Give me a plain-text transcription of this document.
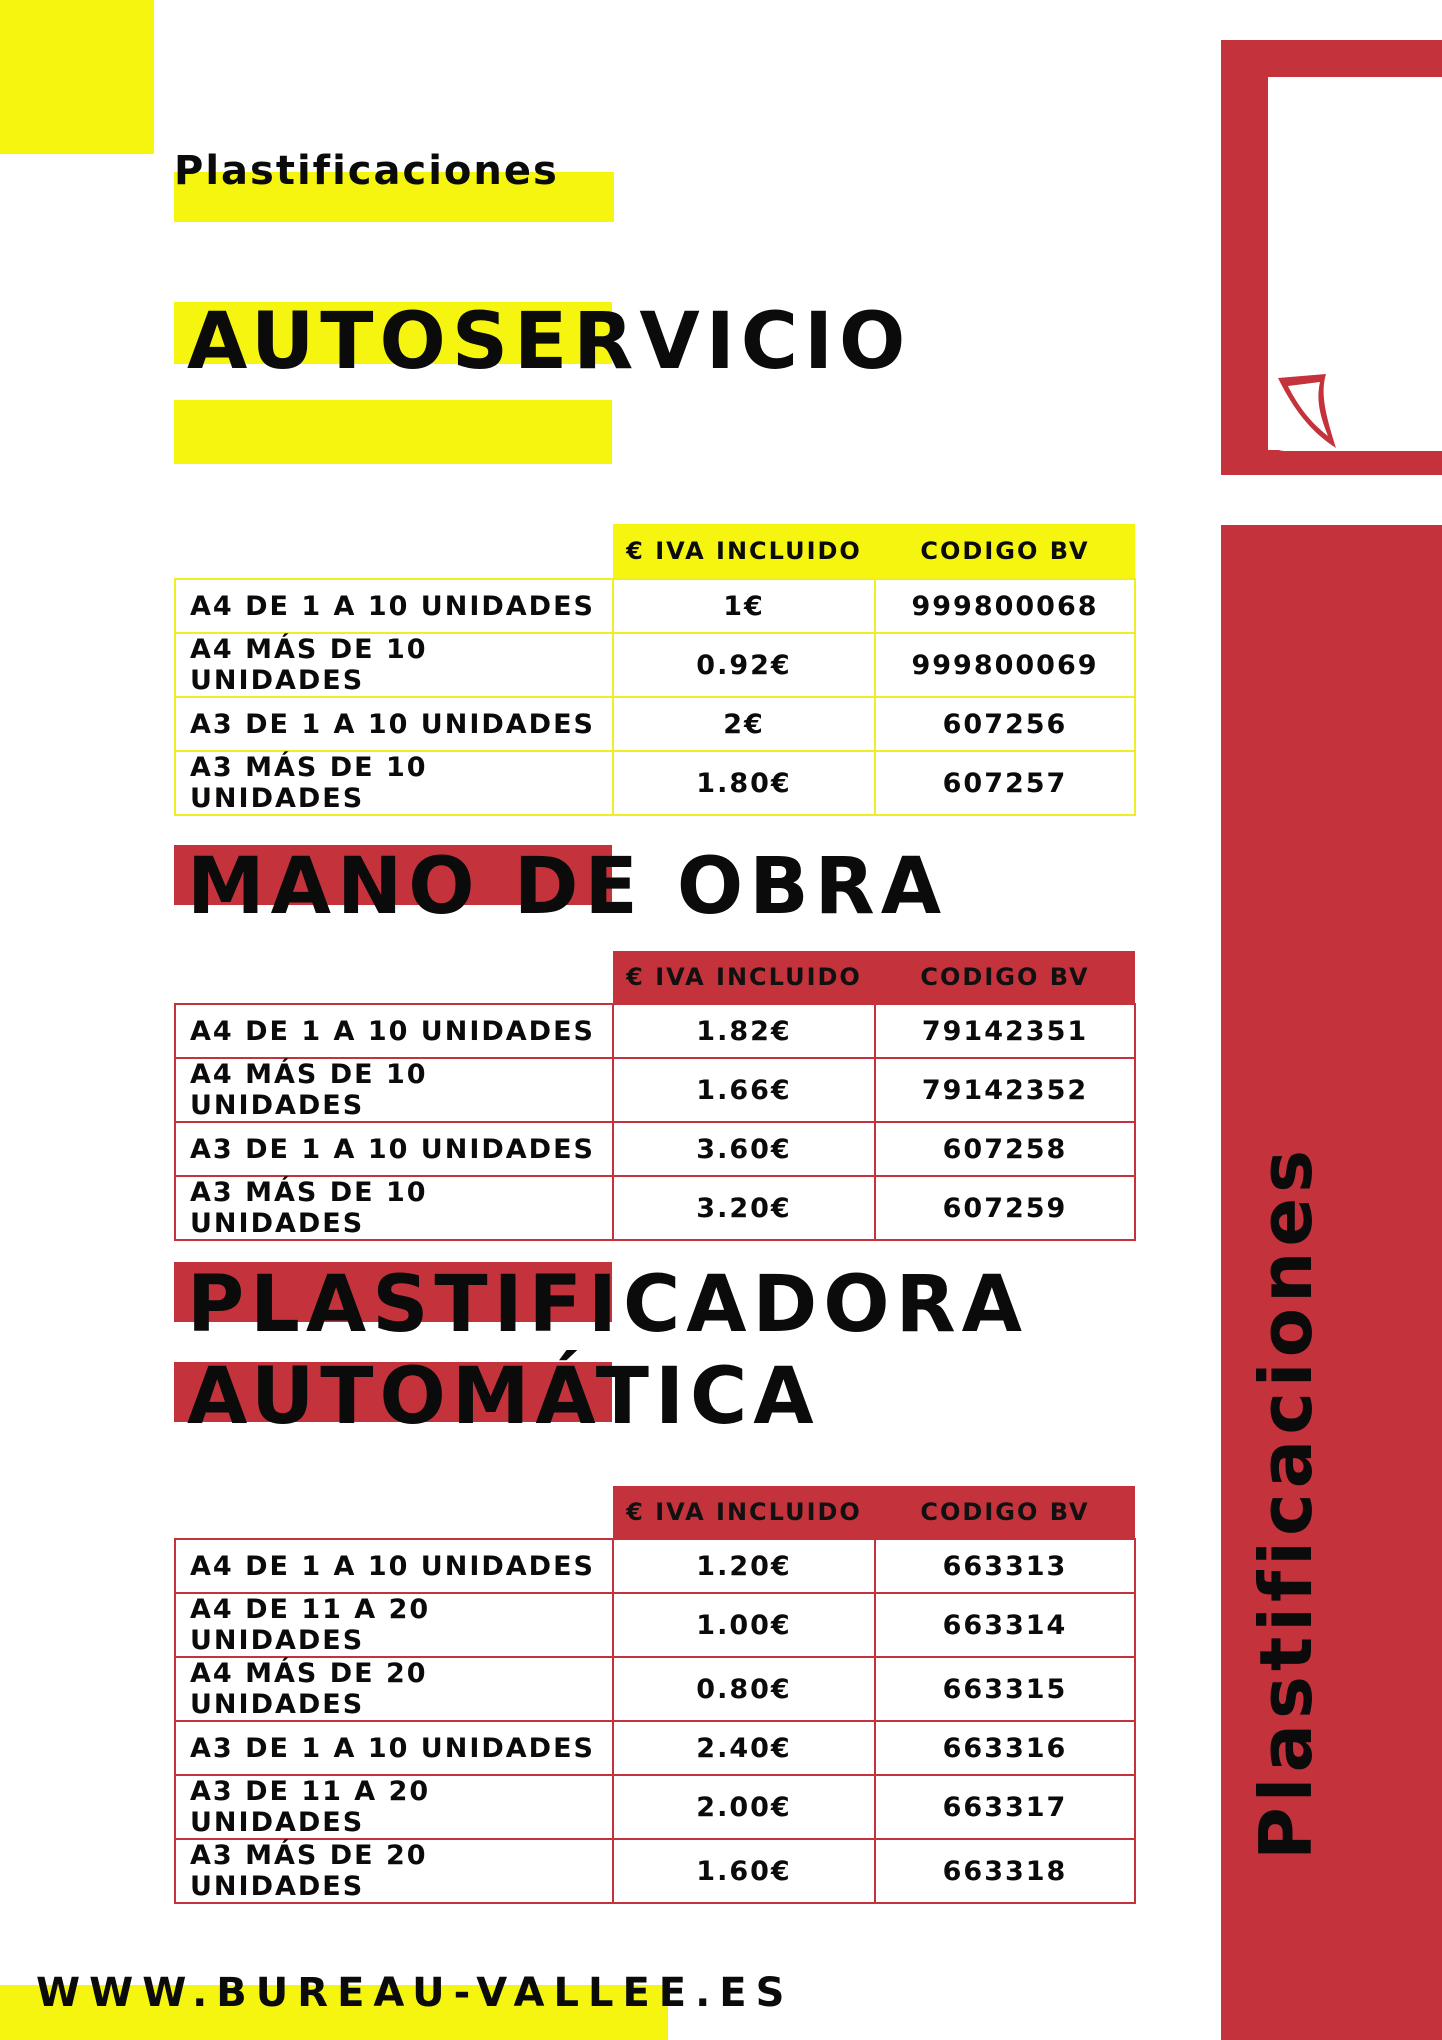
Plastificaciones
Plastificaciones
AUTOSERVICIO
	€ IVA INCLUIDO	CODIGO BV
A4 DE 1 A 10 UNIDADES	1€	999800068
A4 MÁS DE 10 UNIDADES	0.92€	999800069
A3 DE 1 A 10 UNIDADES	2€	607256
A3 MÁS DE 10 UNIDADES	1.80€	607257
MANO DE OBRA
	€ IVA INCLUIDO	CODIGO BV
A4 DE 1 A 10 UNIDADES	1.82€	79142351
A4 MÁS DE 10 UNIDADES	1.66€	79142352
A3 DE 1 A 10 UNIDADES	3.60€	607258
A3 MÁS DE 10 UNIDADES	3.20€	607259
PLASTIFICADORA
AUTOMÁTICA
	€ IVA INCLUIDO	CODIGO BV
A4 DE 1 A 10 UNIDADES	1.20€	663313
A4 DE 11 A 20 UNIDADES	1.00€	663314
A4 MÁS DE 20 UNIDADES	0.80€	663315
A3 DE 1 A 10 UNIDADES	2.40€	663316
A3 DE 11 A 20 UNIDADES	2.00€	663317
A3 MÁS DE 20 UNIDADES	1.60€	663318
WWW.BUREAU-VALLEE.ES
